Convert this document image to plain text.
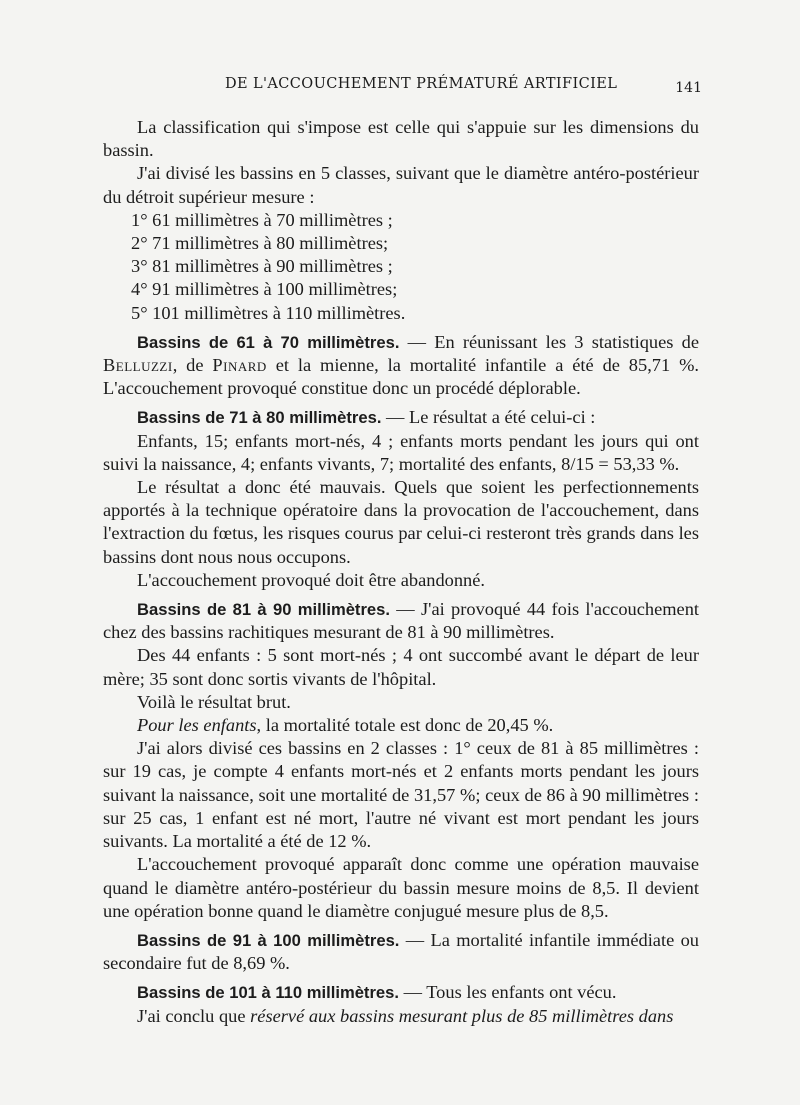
DE L'ACCOUCHEMENT PRÉMATURÉ ARTIFICIEL	141

La classification qui s'impose est celle qui s'appuie sur les dimensions du bassin.

J'ai divisé les bassins en 5 classes, suivant que le diamètre antéro-postérieur du détroit supérieur mesure :

1° 61 millimètres à 70 millimètres ;

2° 71 millimètres à 80 millimètres;

3° 81 millimètres à 90 millimètres ;

4° 91 millimètres à 100 millimètres;

5° 101 millimètres à 110 millimètres.

Bassins de 61 à 70 millimètres. — En réunissant les 3 statistiques de Belluzzi, de Pinard et la mienne, la mortalité infantile a été de 85,71 %. L'accouchement provoqué constitue donc un procédé déplorable.

Bassins de 71 à 80 millimètres. — Le résultat a été celui-ci :

Enfants, 15; enfants mort-nés, 4 ; enfants morts pendant les jours qui ont suivi la naissance, 4; enfants vivants, 7; mortalité des enfants, 8/15 = 53,33 %.

Le résultat a donc été mauvais. Quels que soient les perfectionnements apportés à la technique opératoire dans la provocation de l'accouchement, dans l'extraction du fœtus, les risques courus par celui-ci resteront très grands dans les bassins dont nous nous occupons.

L'accouchement provoqué doit être abandonné.

Bassins de 81 à 90 millimètres. — J'ai provoqué 44 fois l'accouchement chez des bassins rachitiques mesurant de 81 à 90 millimètres.

Des 44 enfants : 5 sont mort-nés ; 4 ont succombé avant le départ de leur mère; 35 sont donc sortis vivants de l'hôpital.

Voilà le résultat brut.

Pour les enfants, la mortalité totale est donc de 20,45 %.

J'ai alors divisé ces bassins en 2 classes : 1° ceux de 81 à 85 millimètres : sur 19 cas, je compte 4 enfants mort-nés et 2 enfants morts pendant les jours suivant la naissance, soit une mortalité de 31,57 %; ceux de 86 à 90 millimètres : sur 25 cas, 1 enfant est né mort, l'autre né vivant est mort pendant les jours suivants. La mortalité a été de 12 %.

L'accouchement provoqué apparaît donc comme une opération mauvaise quand le diamètre antéro-postérieur du bassin mesure moins de 8,5. Il devient une opération bonne quand le diamètre conjugué mesure plus de 8,5.

Bassins de 91 à 100 millimètres. — La mortalité infantile immédiate ou secondaire fut de 8,69 %.

Bassins de 101 à 110 millimètres. — Tous les enfants ont vécu.

J'ai conclu que réservé aux bassins mesurant plus de 85 millimètres dans
